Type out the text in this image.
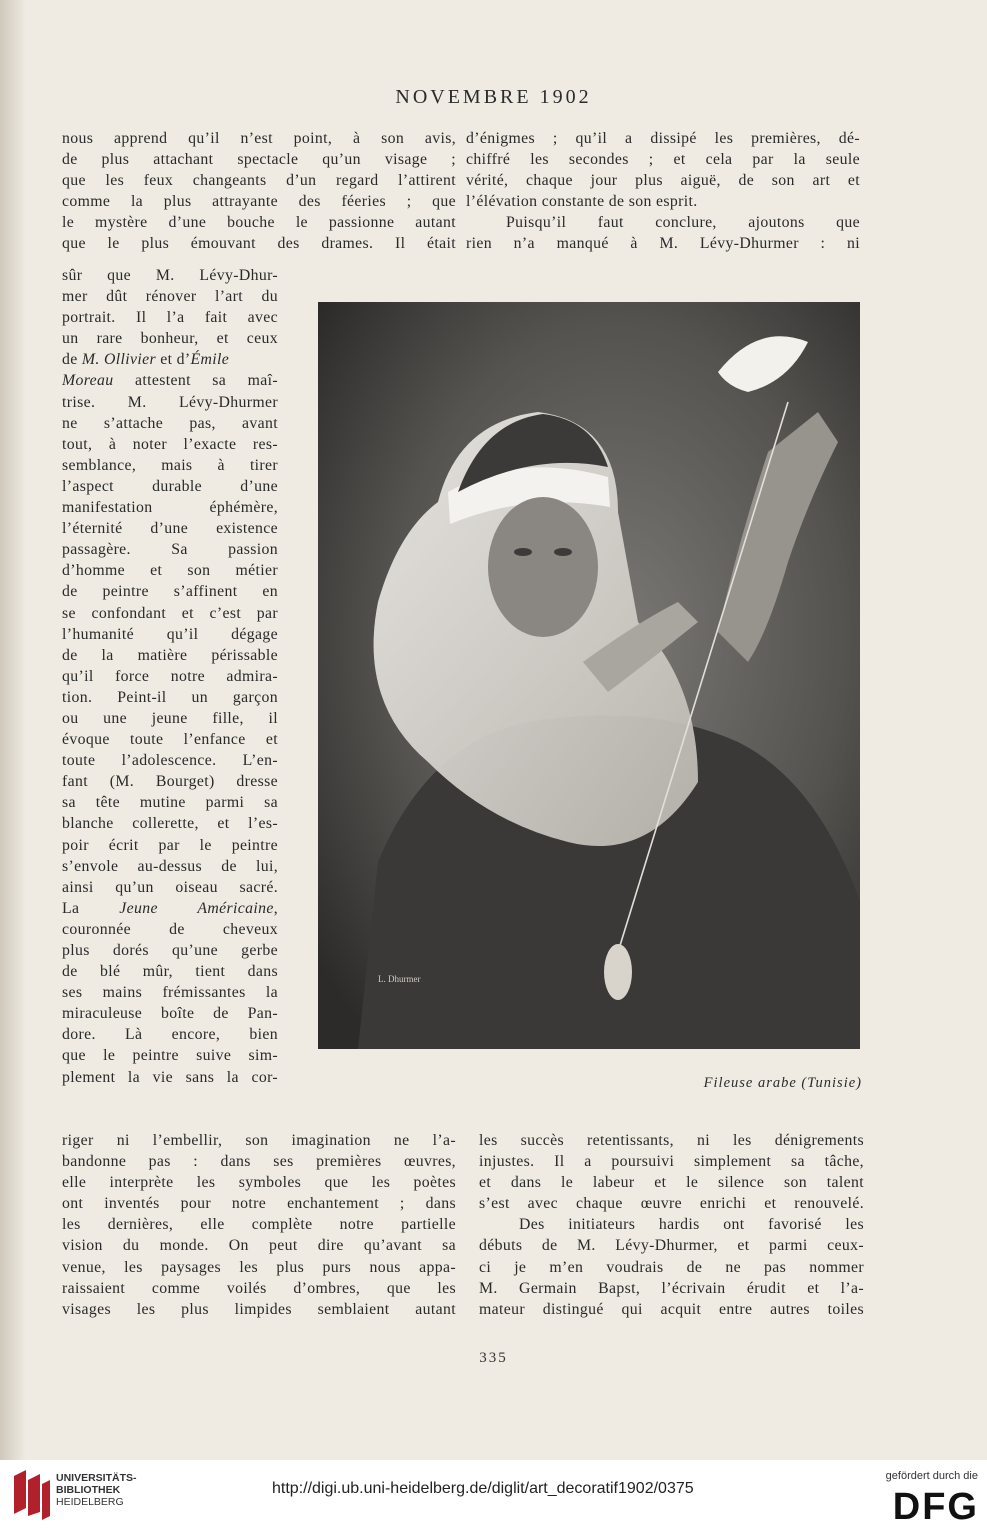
NOVEMBRE 1902
nous apprend qu’il n’est point, à son avis,
de plus attachant spectacle qu’un visage ;
que les feux changeants d’un regard l’attirent
comme la plus attrayante des féeries ; que
le mystère d’une bouche le passionne autant
que le plus émouvant des drames. Il était
d’énigmes ; qu’il a dissipé les premières, dé-
chiffré les secondes ; et cela par la seule
vérité, chaque jour plus aiguë, de son art et
l’élévation constante de son esprit.
Puisqu’il faut conclure, ajoutons que
rien n’a manqué à M. Lévy-Dhurmer : ni
sûr que M. Lévy-Dhur-
mer dût rénover l’art du
portrait. Il l’a fait avec
un rare bonheur, et ceux
de M. Ollivier et d’Émile
Moreau attestent sa maî-
trise. M. Lévy-Dhurmer
ne s’attache pas, avant
tout, à noter l’exacte res-
semblance, mais à tirer
l’aspect durable d’une
manifestation éphémère,
l’éternité d’une existence
passagère. Sa passion
d’homme et son métier
de peintre s’affinent en
se confondant et c’est par
l’humanité qu’il dégage
de la matière périssable
qu’il force notre admira-
tion. Peint-il un garçon
ou une jeune fille, il
évoque toute l’enfance et
toute l’adolescence. L’en-
fant (M. Bourget) dresse
sa tête mutine parmi sa
blanche collerette, et l’es-
poir écrit par le peintre
s’envole au-dessus de lui,
ainsi qu’un oiseau sacré.
La Jeune Américaine,
couronnée de cheveux
plus dorés qu’une gerbe
de blé mûr, tient dans
ses mains frémissantes la
miraculeuse boîte de Pan-
dore. Là encore, bien
que le peintre suive sim-
plement la vie sans la cor-
L. Dhurmer
Fileuse arabe (Tunisie)
riger ni l’embellir, son imagination ne l’a-
bandonne pas : dans ses premières œuvres,
elle interprète les symboles que les poètes
ont inventés pour notre enchantement ; dans
les dernières, elle complète notre partielle
vision du monde. On peut dire qu’avant sa
venue, les paysages les plus purs nous appa-
raissaient comme voilés d’ombres, que les
visages les plus limpides semblaient autant
les succès retentissants, ni les dénigrements
injustes. Il a poursuivi simplement sa tâche,
et dans le labeur et le silence son talent
s’est avec chaque œuvre enrichi et renouvelé.
Des initiateurs hardis ont favorisé les
débuts de M. Lévy-Dhurmer, et parmi ceux-
ci je m’en voudrais de ne pas nommer
M. Germain Bapst, l’écrivain érudit et l’a-
mateur distingué qui acquit entre autres toiles
335
UNIVERSITÄTS-
BIBLIOTHEK
HEIDELBERG
http://digi.ub.uni-heidelberg.de/diglit/art_decoratif1902/0375
gefördert durch die
DFG
